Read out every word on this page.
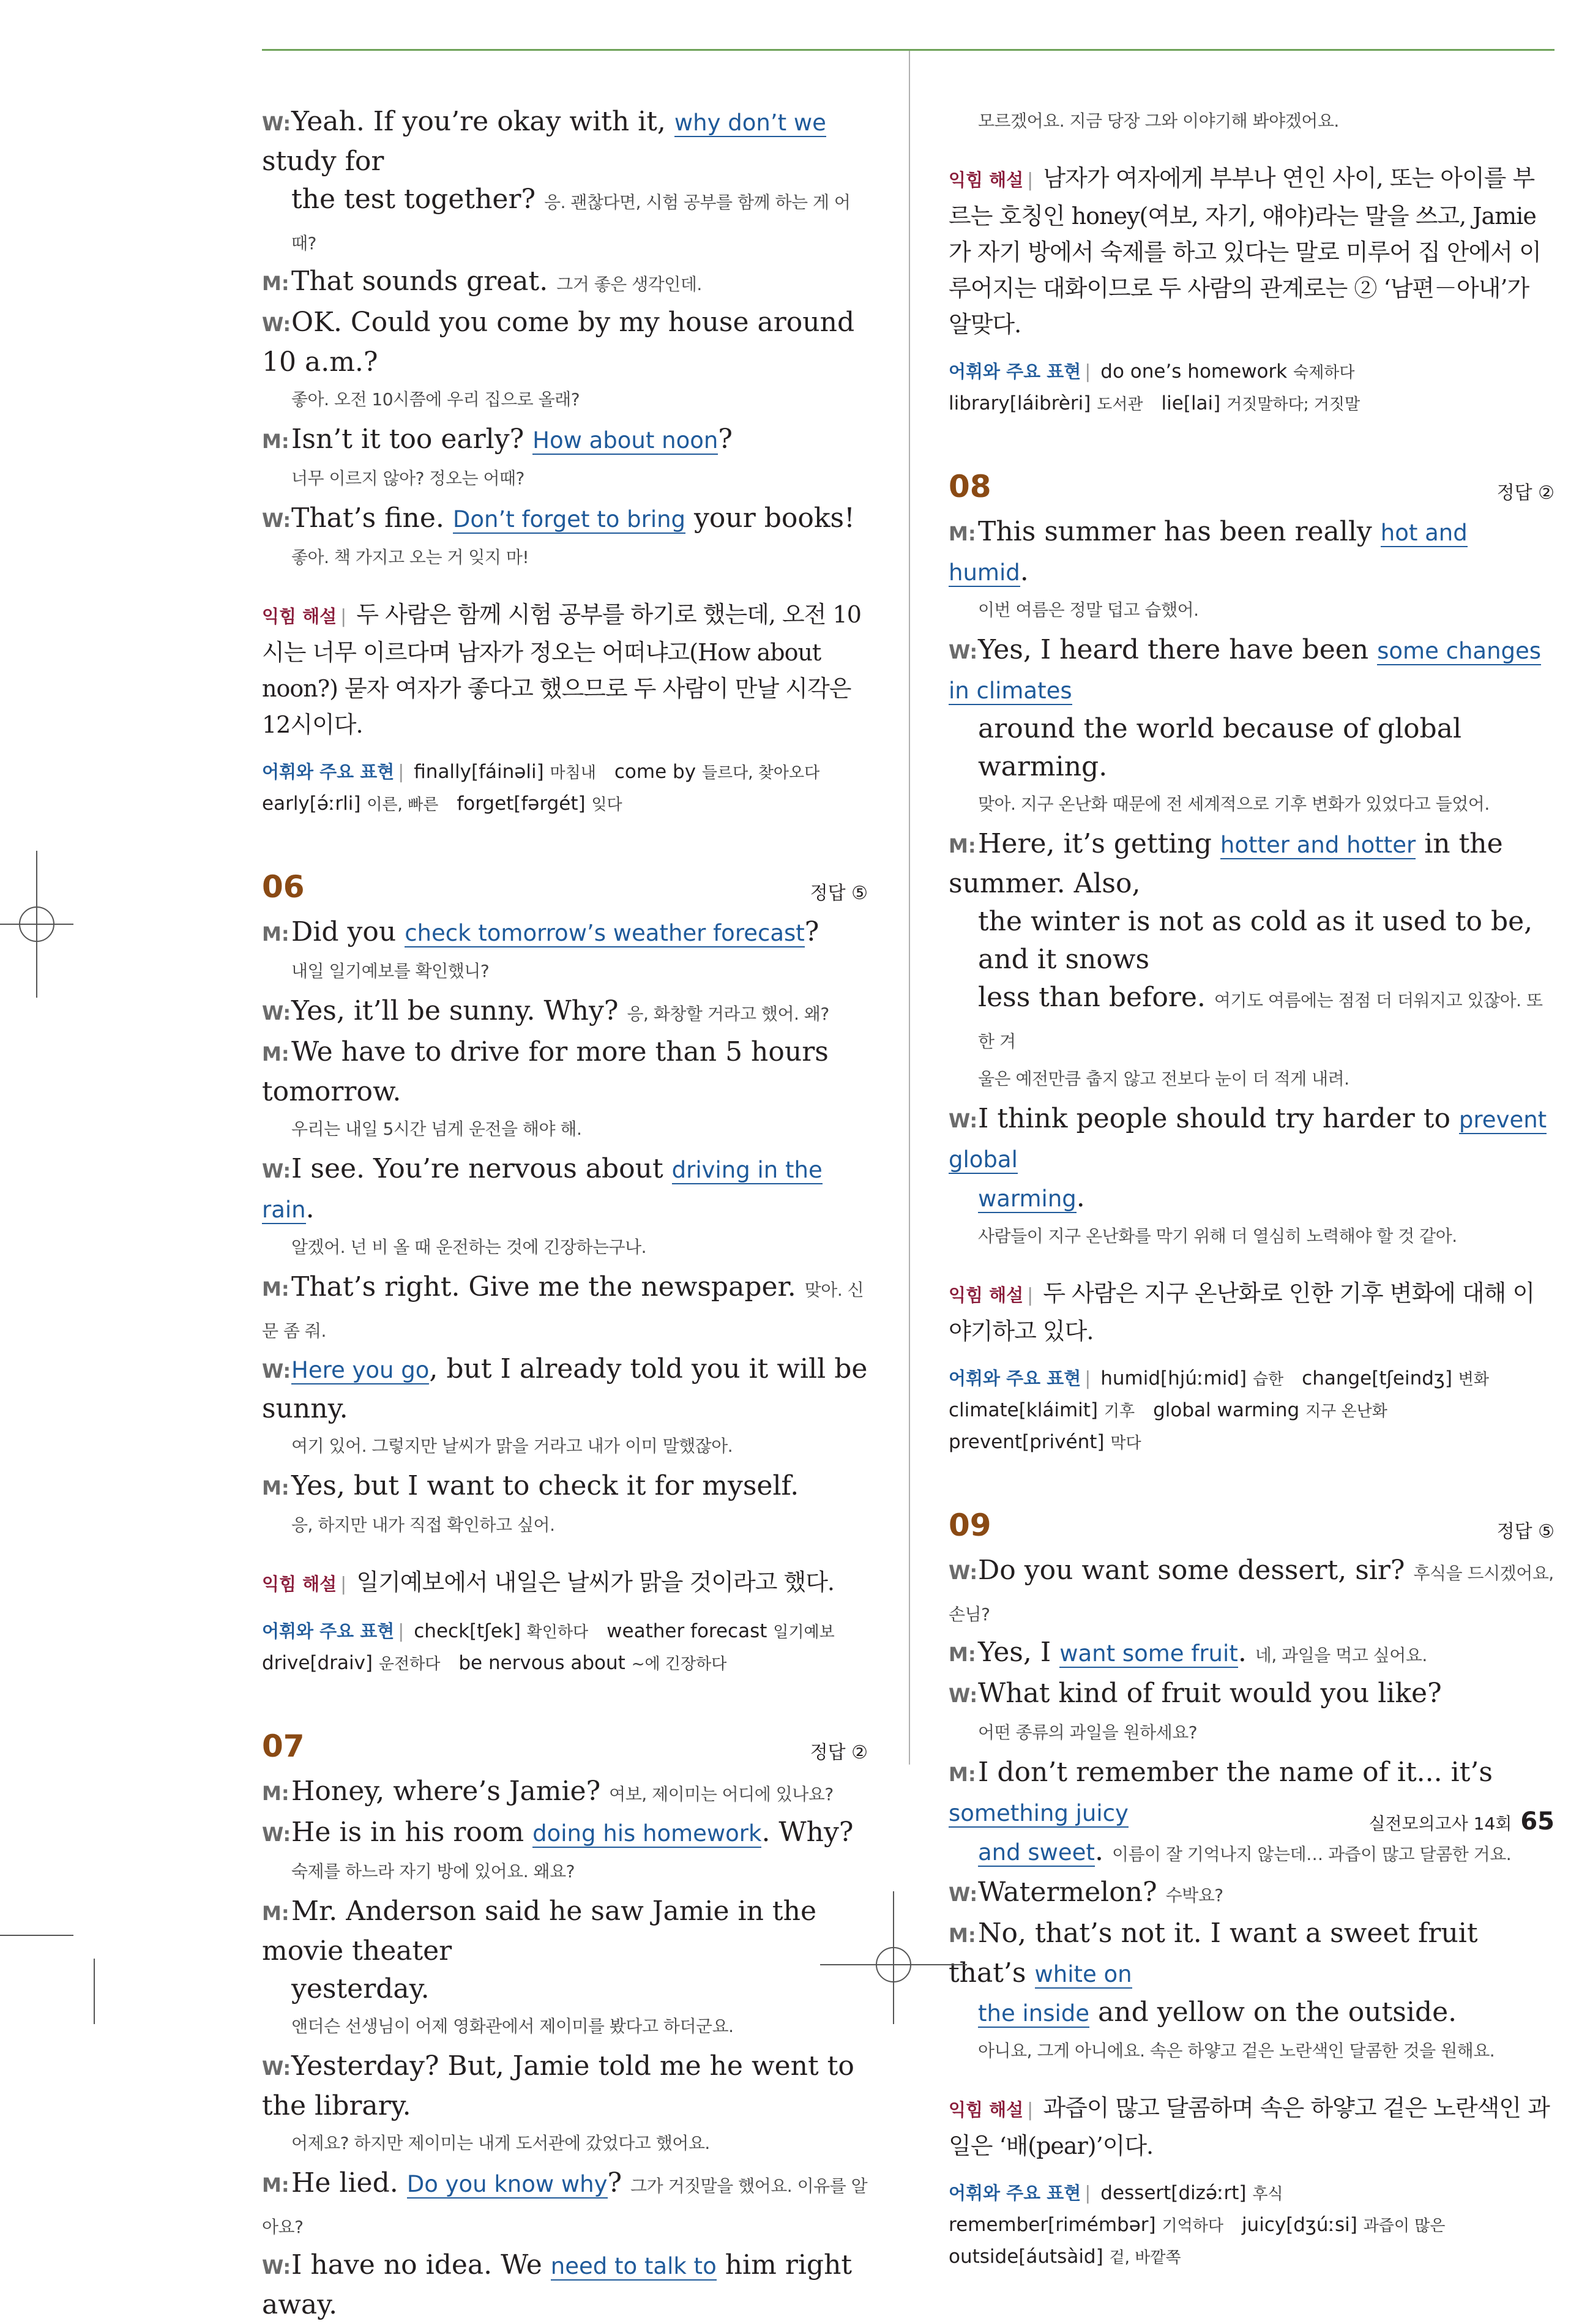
W:Yeah. If you’re okay with it, why don’t we study for

the test together? 응. 괜찮다면, 시험 공부를 함께 하는 게 어때?

M:That sounds great. 그거 좋은 생각인데.

W:OK. Could you come by my house around 10 a.m.?

좋아. 오전 10시쯤에 우리 집으로 올래?

M:Isn’t it too early? How about noon?

너무 이르지 않아? 정오는 어때?

W:That’s fine. Don’t forget to bring your books!

좋아. 책 가지고 오는 거 잊지 마!

익힘 해설 | 두 사람은 함께 시험 공부를 하기로 했는데, 오전 10시는 너무 이르다며 남자가 정오는 어떠냐고(How about noon?) 묻자 여자가 좋다고 했으므로 두 사람이 만날 시각은 12시이다.

어휘와 주요 표현 | finally[fáinəli] 마침내 come by 들르다, 찾아오다
early[ə́ːrli] 이른, 빠른 forget[fərgét] 잊다
06	정답 ⑤

M:Did you check tomorrow’s weather forecast?

내일 일기예보를 확인했니?

W:Yes, it’ll be sunny. Why? 응, 화창할 거라고 했어. 왜?

M:We have to drive for more than 5 hours tomorrow.

우리는 내일 5시간 넘게 운전을 해야 해.

W:I see. You’re nervous about driving in the rain.

알겠어. 넌 비 올 때 운전하는 것에 긴장하는구나.

M:That’s right. Give me the newspaper. 맞아. 신문 좀 줘.

W:Here you go, but I already told you it will be sunny.

여기 있어. 그렇지만 날씨가 맑을 거라고 내가 이미 말했잖아.

M:Yes, but I want to check it for myself.

응, 하지만 내가 직접 확인하고 싶어.

익힘 해설 | 일기예보에서 내일은 날씨가 맑을 것이라고 했다.

어휘와 주요 표현 | check[tʃek] 확인하다 weather forecast 일기예보
drive[draiv] 운전하다 be nervous about ~에 긴장하다
07	정답 ②

M:Honey, where’s Jamie? 여보, 제이미는 어디에 있나요?

W:He is in his room doing his homework. Why?

숙제를 하느라 자기 방에 있어요. 왜요?

M:Mr. Anderson said he saw Jamie in the movie theater

yesterday.

앤더슨 선생님이 어제 영화관에서 제이미를 봤다고 하더군요.

W:Yesterday? But, Jamie told me he went to the library.

어제요? 하지만 제이미는 내게 도서관에 갔었다고 했어요.

M:He lied. Do you know why? 그가 거짓말을 했어요. 이유를 알아요?

W:I have no idea. We need to talk to him right away.

모르겠어요. 지금 당장 그와 이야기해 봐야겠어요.

익힘 해설 | 남자가 여자에게 부부나 연인 사이, 또는 아이를 부르는 호칭인 honey(여보, 자기, 얘야)라는 말을 쓰고, Jamie가 자기 방에서 숙제를 하고 있다는 말로 미루어 집 안에서 이루어지는 대화이므로 두 사람의 관계로는 ② ‘남편－아내’가 알맞다.

어휘와 주요 표현 | do one’s homework 숙제하다
library[láibrèri] 도서관 lie[lai] 거짓말하다; 거짓말
08	정답 ②

M:This summer has been really hot and humid.

이번 여름은 정말 덥고 습했어.

W:Yes, I heard there have been some changes in climates

around the world because of global warming.

맞아. 지구 온난화 때문에 전 세계적으로 기후 변화가 있었다고 들었어.

M:Here, it’s getting hotter and hotter in the summer. Also,

the winter is not as cold as it used to be, and it snows

less than before. 여기도 여름에는 점점 더 더워지고 있잖아. 또한 겨

울은 예전만큼 춥지 않고 전보다 눈이 더 적게 내려.

W:I think people should try harder to prevent global

warming.

사람들이 지구 온난화를 막기 위해 더 열심히 노력해야 할 것 같아.

익힘 해설 | 두 사람은 지구 온난화로 인한 기후 변화에 대해 이야기하고 있다.

어휘와 주요 표현 | humid[hjúːmid] 습한 change[tʃeindʒ] 변화
climate[kláimit] 기후 global warming 지구 온난화
prevent[privént] 막다
09	정답 ⑤

W:Do you want some dessert, sir? 후식을 드시겠어요, 손님?

M:Yes, I want some fruit. 네, 과일을 먹고 싶어요.

W:What kind of fruit would you like?

어떤 종류의 과일을 원하세요?

M:I don’t remember the name of it... it’s something juicy

and sweet. 이름이 잘 기억나지 않는데… 과즙이 많고 달콤한 거요.

W:Watermelon? 수박요?

M:No, that’s not it. I want a sweet fruit that’s white on

the inside and yellow on the outside.

아니요, 그게 아니에요. 속은 하얗고 겉은 노란색인 달콤한 것을 원해요.

익힘 해설 | 과즙이 많고 달콤하며 속은 하얗고 겉은 노란색인 과일은 ‘배(pear)’이다.

어휘와 주요 표현 | dessert[dizə́ːrt] 후식
remember[rimémbər] 기억하다 juicy[dʒúːsi] 과즙이 많은
outside[áutsàid] 겉, 바깥쪽
실전모의고사 14회 65
